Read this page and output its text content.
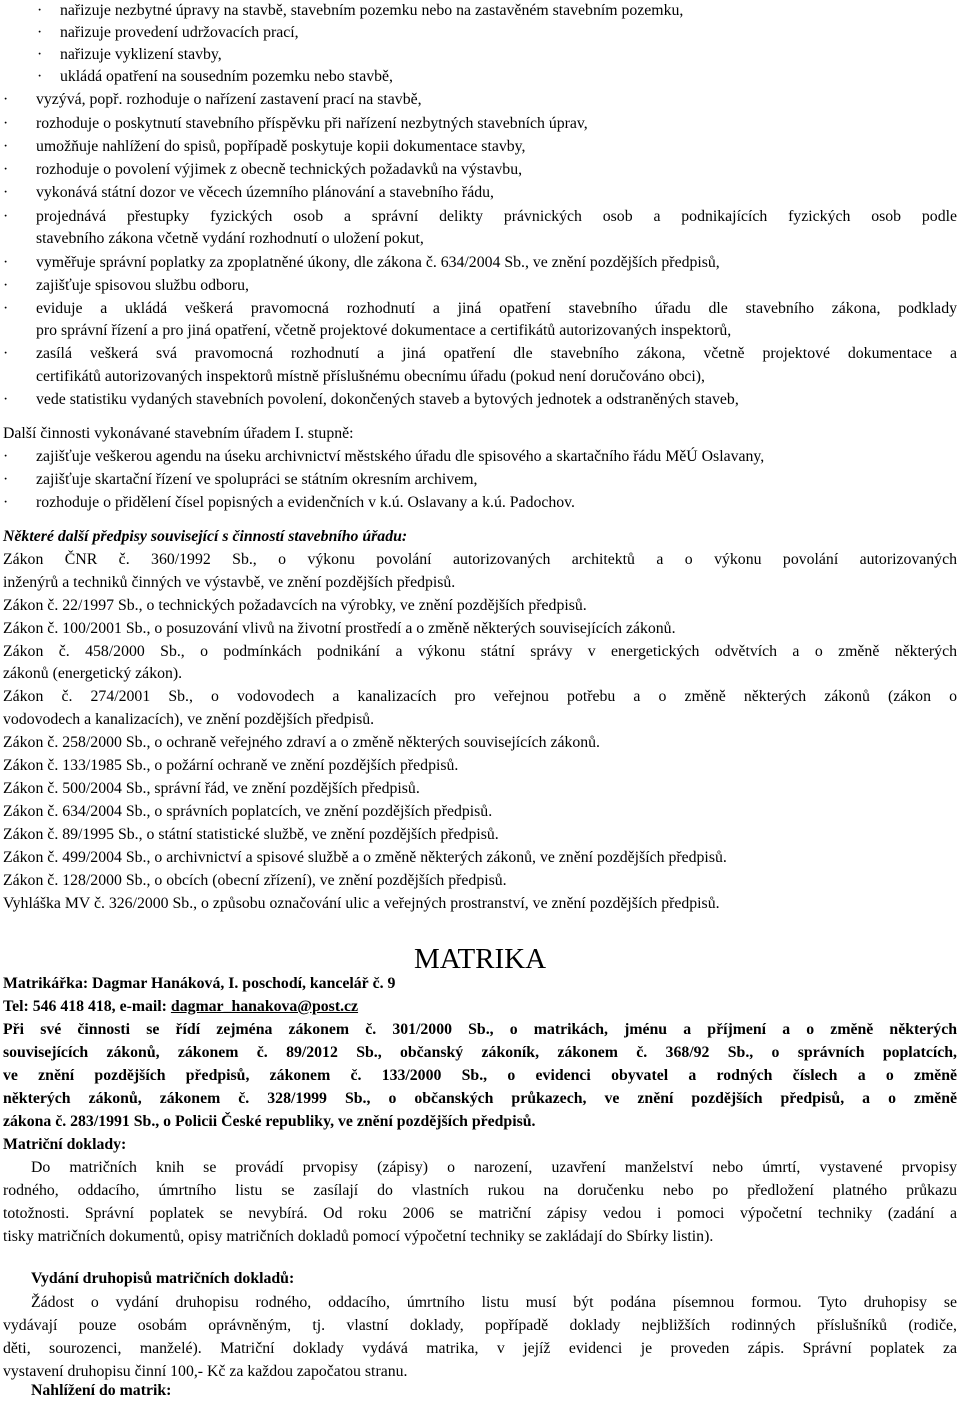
· nařizuje nezbytné úpravy na stavbě, stavebním pozemku nebo na zastavěném stavebním pozemku,
· nařizuje provedení udržovacích prací,
· nařizuje vyklizení stavby,
· ukládá opatření na sousedním pozemku nebo stavbě,
· vyzývá, popř. rozhoduje o nařízení zastavení prací na stavbě,
· rozhoduje o poskytnutí stavebního příspěvku při nařízení nezbytných stavebních úprav,
· umožňuje nahlížení do spisů, popřípadě poskytuje kopii dokumentace stavby,
· rozhoduje o povolení výjimek z obecně technických požadavků na výstavbu,
· vykonává státní dozor ve věcech územního plánování a stavebního řádu,
· projednává přestupky fyzických osob a správní delikty právnických osob a podnikajících fyzických osob podle
stavebního zákona včetně vydání rozhodnutí o uložení pokut,
· vyměřuje správní poplatky za zpoplatněné úkony, dle zákona č. 634/2004 Sb., ve znění pozdějších předpisů,
· zajišťuje spisovou službu odboru,
· eviduje a ukládá veškerá pravomocná rozhodnutí a jiná opatření stavebního úřadu dle stavebního zákona, podklady
pro správní řízení a pro jiná opatření, včetně projektové dokumentace a certifikátů autorizovaných inspektorů,
· zasílá veškerá svá pravomocná rozhodnutí a jiná opatření dle stavebního zákona, včetně projektové dokumentace a
certifikátů autorizovaných inspektorů místně příslušnému obecnímu úřadu (pokud není doručováno obci),
· vede statistiku vydaných stavebních povolení, dokončených staveb a bytových jednotek a odstraněných staveb,
Další činnosti vykonávané stavebním úřadem I. stupně:
· zajišťuje veškerou agendu na úseku archivnictví městského úřadu dle spisového a skartačního řádu MěÚ Oslavany,
· zajišťuje skartační řízení ve spolupráci se státním okresním archivem,
· rozhoduje o přidělení čísel popisných a evidenčních v k.ú. Oslavany a k.ú. Padochov.
Některé další předpisy související s činností stavebního úřadu:
Zákon ČNR č. 360/1992 Sb., o výkonu povolání autorizovaných architektů a o výkonu povolání autorizovaných
inženýrů a techniků činných ve výstavbě, ve znění pozdějších předpisů.
Zákon č. 22/1997 Sb., o technických požadavcích na výrobky, ve znění pozdějších předpisů.
Zákon č. 100/2001 Sb., o posuzování vlivů na životní prostředí a o změně některých souvisejících zákonů.
Zákon č. 458/2000 Sb., o podmínkách podnikání a výkonu státní správy v energetických odvětvích a o změně některých
zákonů (energetický zákon).
Zákon č. 274/2001 Sb., o vodovodech a kanalizacích pro veřejnou potřebu a o změně některých zákonů (zákon o
vodovodech a kanalizacích), ve znění pozdějších předpisů.
Zákon č. 258/2000 Sb., o ochraně veřejného zdraví a o změně některých souvisejících zákonů.
Zákon č. 133/1985 Sb., o požární ochraně ve znění pozdějších předpisů.
Zákon č. 500/2004 Sb., správní řád, ve znění pozdějších předpisů.
Zákon č. 634/2004 Sb., o správních poplatcích, ve znění pozdějších předpisů.
Zákon č. 89/1995 Sb., o státní statistické službě, ve znění pozdějších předpisů.
Zákon č. 499/2004 Sb., o archivnictví a spisové službě a o změně některých zákonů, ve znění pozdějších předpisů.
Zákon č. 128/2000 Sb., o obcích (obecní zřízení), ve znění pozdějších předpisů.
Vyhláška MV č. 326/2000 Sb., o způsobu označování ulic a veřejných prostranství, ve znění pozdějších předpisů.
MATRIKA
Matrikářka: Dagmar Hanáková, I. poschodí, kancelář č. 9
Tel: 546 418 418, e-mail: dagmar_hanakova@post.cz
Při své činnosti se řídí zejména zákonem č. 301/2000 Sb., o matrikách, jménu a příjmení a o změně některých
souvisejících zákonů, zákonem č. 89/2012 Sb., občanský zákoník, zákonem č. 368/92 Sb., o správních poplatcích,
ve znění pozdějších předpisů, zákonem č. 133/2000 Sb., o evidenci obyvatel a rodných číslech a o změně
některých zákonů, zákonem č. 328/1999 Sb., o občanských průkazech, ve znění pozdějších předpisů, a o změně
zákona č. 283/1991 Sb., o Policii České republiky, ve znění pozdějších předpisů.
Matriční doklady:
Do matričních knih se provádí prvopisy (zápisy) o narození, uzavření manželství nebo úmrtí, vystavené prvopisy
rodného, oddacího, úmrtního listu se zasílají do vlastních rukou na doručenku nebo po předložení platného průkazu
totožnosti. Správní poplatek se nevybírá. Od roku 2006 se matriční zápisy vedou i pomoci výpočetní techniky (zadání a
tisky matričních dokumentů, opisy matričních dokladů pomocí výpočetní techniky se zakládají do Sbírky listin).
Vydání druhopisů matričních dokladů:
Žádost o vydání druhopisu rodného, oddacího, úmrtního listu musí být podána písemnou formou. Tyto druhopisy se
vydávají pouze osobám oprávněným, tj. vlastní doklady, popřípadě doklady nejbližších rodinných příslušníků (rodiče,
děti, sourozenci, manželé). Matriční doklady vydává matrika, v jejíž evidenci je proveden zápis. Správní poplatek za
vystavení druhopisu činní 100,- Kč za každou započatou stranu.
Nahlížení do matrik:
